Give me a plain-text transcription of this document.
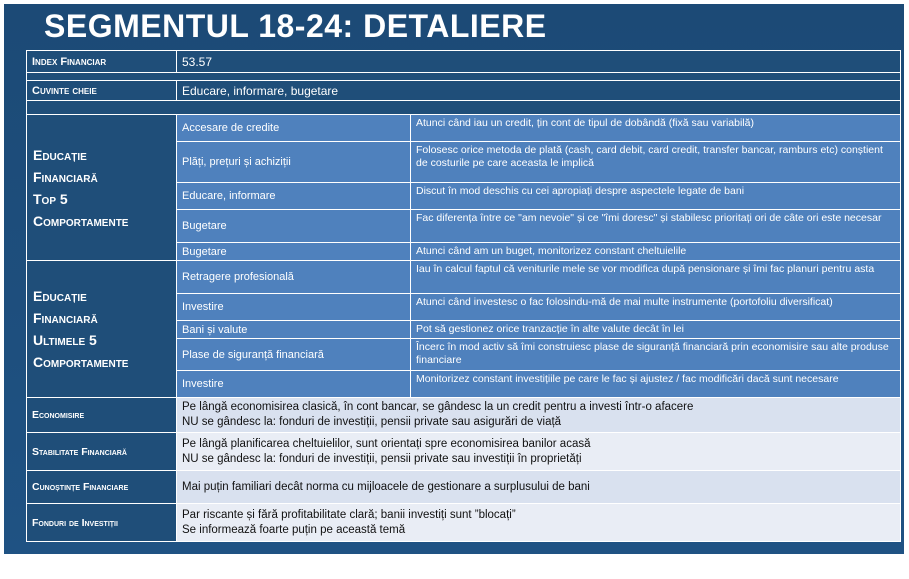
SEGMENTUL 18-24: DETALIERE
Index Financiar	53.57	

Cuvinte cheie	Educare, informare, bugetare	

Educație
Financiară
Top 5
Comportamente	Accesare de credite	Atunci când iau un credit, țin cont de tipul de dobândă (fixă sau variabilă)
	Plăți, prețuri și achiziții	Folosesc orice metoda de plată (cash, card debit, card credit, transfer bancar, ramburs etc) conștient de costurile pe care aceasta le implică
	Educare, informare	Discut în mod deschis cu cei apropiați despre aspectele legate de bani
	Bugetare	Fac diferența între ce "am nevoie" și ce "îmi doresc" și stabilesc prioritați ori de câte ori este necesar
	Bugetare	Atunci când am un buget, monitorizez constant cheltuielile

Educație
Financiară
Ultimele 5
Comportamente	Retragere profesională	Iau în calcul faptul că veniturile mele se vor modifica după pensionare și îmi fac planuri pentru asta
	Investire	Atunci când investesc o fac folosindu-mă de mai multe instrumente (portofoliu diversificat)
	Bani și valute	Pot să gestionez orice tranzacție în alte valute decât în lei
	Plase de siguranță financiară	Încerc în mod activ să îmi construiesc plase de siguranță financiară prin economisire sau alte produse financiare
	Investire	Monitorizez constant investițiile pe care le fac și ajustez / fac modificări dacă sunt necesare
Economisire	Pe lângă economisirea clasică, în cont bancar, se gândesc la un credit pentru a investi într-o afacere
NU se gândesc la: fonduri de investiții, pensii private sau asigurări de viață	

Stabilitate Financiară	Pe lângă planificarea cheltuielilor, sunt orientați spre economisirea banilor acasă
NU se gândesc la: fonduri de investiții, pensii private sau investiții în proprietăți	

Cunoștințe Financiare	Mai puțin familiari decât norma cu mijloacele de gestionare a surplusului de bani	

Fonduri de Investiții	Par riscante și fără profitabilitate clară; banii investiți sunt ”blocați”
Se informează foarte puțin pe această temă	
